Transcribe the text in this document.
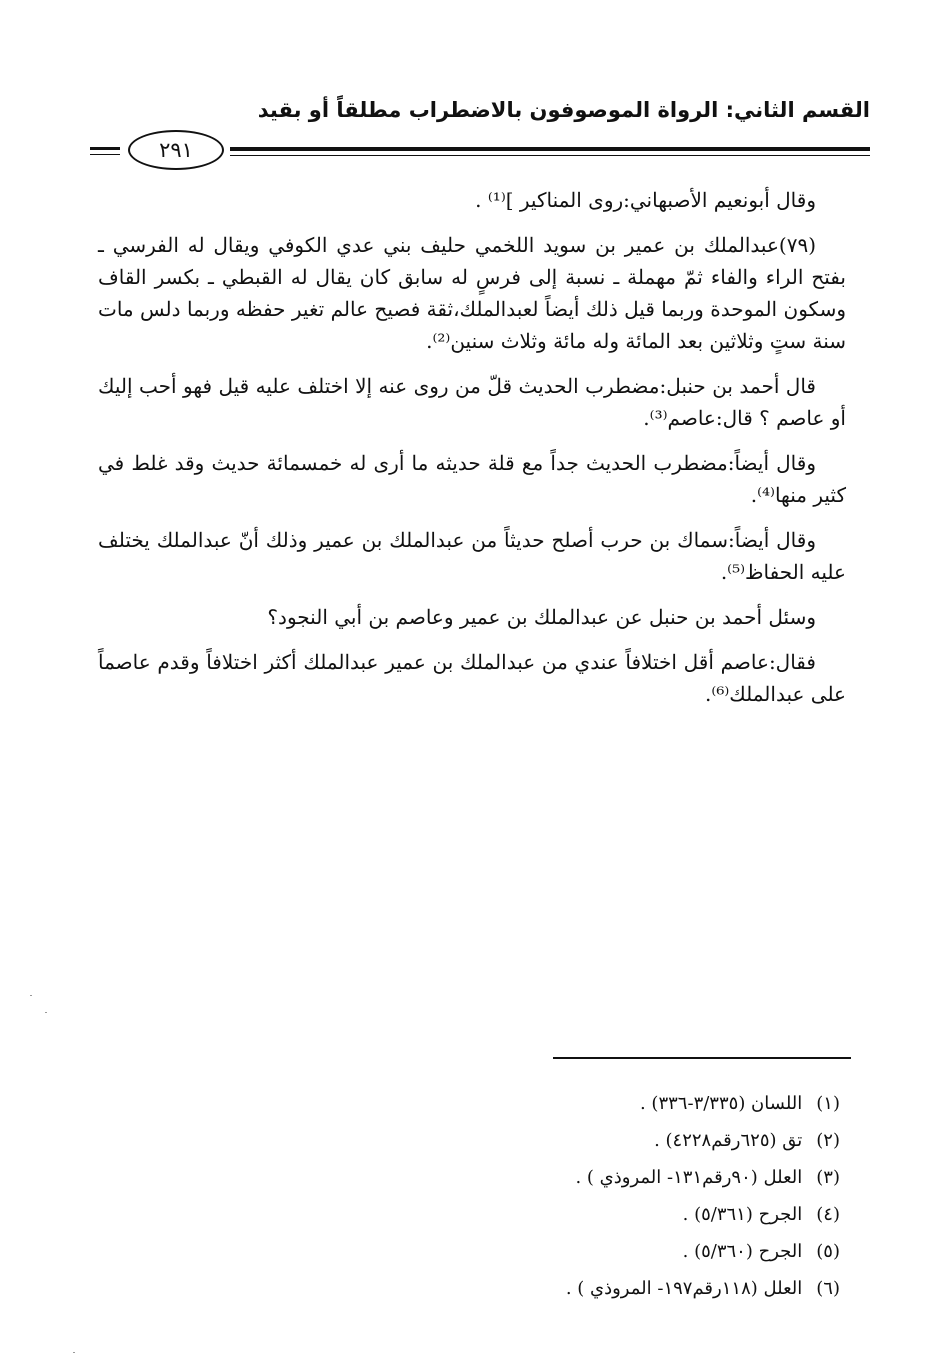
القسم الثاني: الرواة الموصوفون بالاضطراب مطلقاً أو بقيد
٢٩١

وقال أبونعيم الأصبهاني:روى المناكير ]⁽¹⁾ .

(٧٩)عبدالملك بن عمير بن سويد اللخمي حليف بني عدي الكوفي ويقال له الفرسي ـ بفتح الراء والفاء ثمّ مهملة ـ نسبة إلى فرسٍ له سابق كان يقال له القبطي ـ بكسر القاف وسكون الموحدة وربما قيل ذلك أيضاً لعبدالملك،ثقة فصيح عالم تغير حفظه وربما دلس مات سنة ستٍ وثلاثين بعد المائة وله مائة وثلاث سنين⁽²⁾.

قال أحمد بن حنبل:مضطرب الحديث قلّ من روى عنه إلا اختلف عليه قيل فهو أحب إليك أو عاصم ؟ قال:عاصم⁽³⁾.

وقال أيضاً:مضطرب الحديث جداً مع قلة حديثه ما أرى له خمسمائة حديث وقد غلط في كثير منها⁽⁴⁾.

وقال أيضاً:سماك بن حرب أصلح حديثاً من عبدالملك بن عمير وذلك أنّ عبدالملك يختلف عليه الحفاظ⁽⁵⁾.

وسئل أحمد بن حنبل عن عبدالملك بن عمير وعاصم بن أبي النجود؟

فقال:عاصم أقل اختلافاً عندي من عبدالملك بن عمير عبدالملك أكثر اختلافاً وقدم عاصماً على عبدالملك⁽⁶⁾.

(١)اللسان (٣/٣٣٥-٣٣٦) .
(٢)تق (٦٢٥رقم٤٢٢٨) .
(٣)العلل (٩٠رقم١٣١- المروذي ) .
(٤)الجرح (٥/٣٦١) .
(٥)الجرح (٥/٣٦٠) .
(٦)العلل (١١٨رقم١٩٧- المروذي ) .
